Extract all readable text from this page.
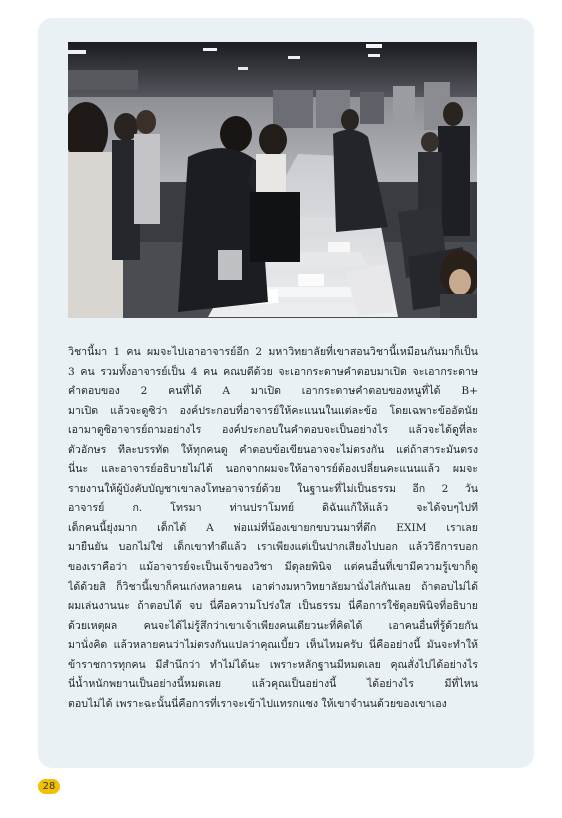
วิชานี้มา 1 คน ผมจะไปเอาอาจารย์อีก 2 มหาวิทยาลัยที่เขาสอนวิชานี้เหมือนกันมาก็เป็น
3 คน รวมทั้งอาจารย์เป็น 4 คน คณบดีด้วย จะเอากระดาษคำตอบมาเปิด จะเอากระดาษ
คำตอบของ 2 คนที่ได้ A มาเปิด เอากระดาษคำตอบของหนูที่ได้ B+
มาเปิด แล้วจะดูซิว่า องค์ประกอบที่อาจารย์ให้คะแนนในแต่ละข้อ โดยเฉพาะข้ออัตนัย
เอามาดูซิอาจารย์ถามอย่างไร องค์ประกอบในคำตอบจะเป็นอย่างไร แล้วจะได้ดูที่ละ
ตัวอักษร ทีละบรรทัด ให้ทุกคนดู คำตอบข้อเขียนอาจจะไม่ตรงกัน แต่ถ้าสาระมันตรง
นี่นะ และอาจารย์อธิบายไม่ได้ นอกจากผมจะให้อาจารย์ต้องเปลี่ยนคะแนนแล้ว ผมจะ
รายงานให้ผู้บังคับบัญชาเขาลงโทษอาจารย์ด้วย ในฐานะที่ไม่เป็นธรรม อีก 2 วัน
อาจารย์ ก. โทรมา ท่านปราโมทย์ ดิฉันแก้ให้แล้ว จะได้จบๆไปที
เด็กคนนี้ยุ่งมาก เด็กได้ A พ่อแม่ที่น้องเขายกขบวนมาที่ตึก EXIM เราเลย
มายืนยัน บอกไม่ใช่ เด็กเขาทำดีแล้ว เราเพียงแต่เป็นปากเสียงไปบอก แล้ววิธีการบอก
ของเราคือว่า แม้อาจารย์จะเป็นเจ้าของวิชา มีดุลยพินิจ แต่คนอื่นที่เขามีความรู้เขาก็ดู
ได้ด้วยสิ ก็วิชานี้เขาก็คนเก่งหลายคน เอาต่างมหาวิทยาลัยมานั่งไล่กันเลย ถ้าตอบไม่ได้
ผมเล่นงานนะ ถ้าตอบได้ จบ นี่คือความโปร่งใส เป็นธรรม นี่คือการใช้ดุลยพินิจที่อธิบาย
ด้วยเหตุผล คนจะได้ไม่รู้สึกว่าเขาเจ้าเพียงคนเดียวนะที่คิดได้ เอาคนอื่นที่รู้ด้วยกัน
มานั่งคิด แล้วหลายคนว่าไม่ตรงกันแปลว่าคุณเบี้ยว เห็นไหมครับ นี่คืออย่างนี้ มันจะทำให้
ข้าราชการทุกคน มีสำนึกว่า ทำไม่ได้นะ เพราะหลักฐานมีหมดเลย คุณสั่งไปได้อย่างไร
นี่น้ำหนักพยานเป็นอย่างนี้หมดเลย แล้วคุณเป็นอย่างนี้ ได้อย่างไร มีที่ไหน
ตอบไม่ได้ เพราะฉะนั้นนี่คือการที่เราจะเข้าไปแทรกแซง ให้เขาจำนนด้วยของเขาเอง
28
